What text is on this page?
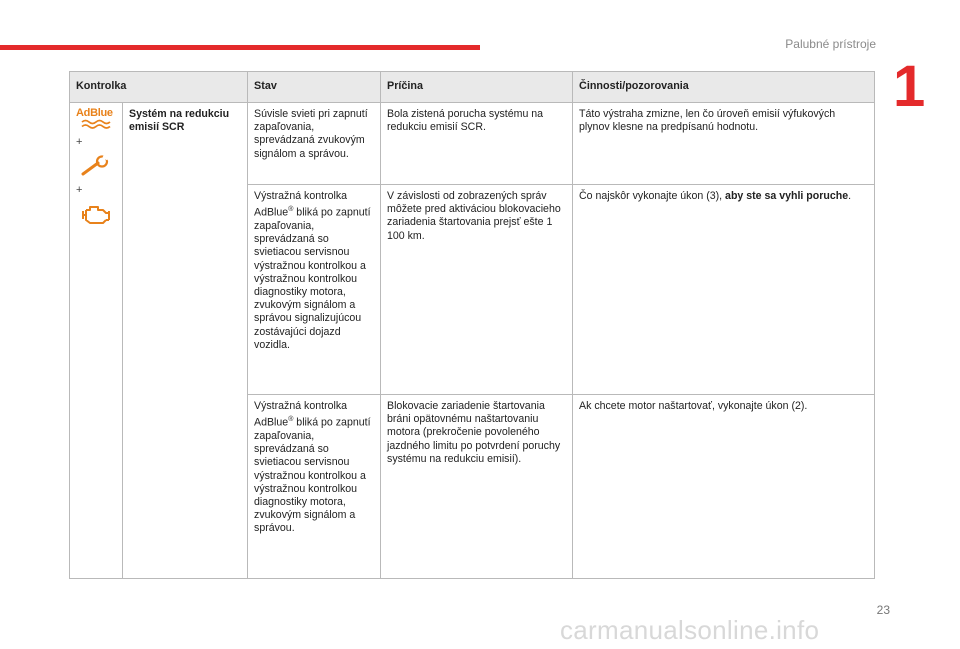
Palubné prístroje
1
Kontrolka		Stav	Príčina	Činnosti/pozorovania

AdBlue
+
+	Systém na redukciu emisií SCR	Súvisle svieti pri zapnutí zapaľovania, sprevádzaná zvukovým signálom a správou.	Bola zistená porucha systému na redukciu emisií SCR.	Táto výstraha zmizne, len čo úroveň emisií výfukových plynov klesne na predpísanú hodnotu.
		Výstražná kontrolka AdBlue® bliká po zapnutí zapaľovania, sprevádzaná so svietiacou servisnou výstražnou kontrolkou a výstražnou kontrolkou diagnostiky motora, zvukovým signálom a správou signalizujúcou zostávajúci dojazd vozidla.	V závislosti od zobrazených správ môžete pred aktiváciou blokovacieho zariadenia štartovania prejsť ešte 1 100 km.	Čo najskôr vykonajte úkon (3), aby ste sa vyhli poruche.
		Výstražná kontrolka AdBlue® bliká po zapnutí zapaľovania, sprevádzaná so svietiacou servisnou výstražnou kontrolkou a výstražnou kontrolkou diagnostiky motora, zvukovým signálom a správou.	Blokovacie zariadenie štartovania bráni opätovnému naštartovaniu motora (prekročenie povoleného jazdného limitu po potvrdení poruchy systému na redukciu emisií).	Ak chcete motor naštartovať, vykonajte úkon (2).
23
carmanualsonline.info
